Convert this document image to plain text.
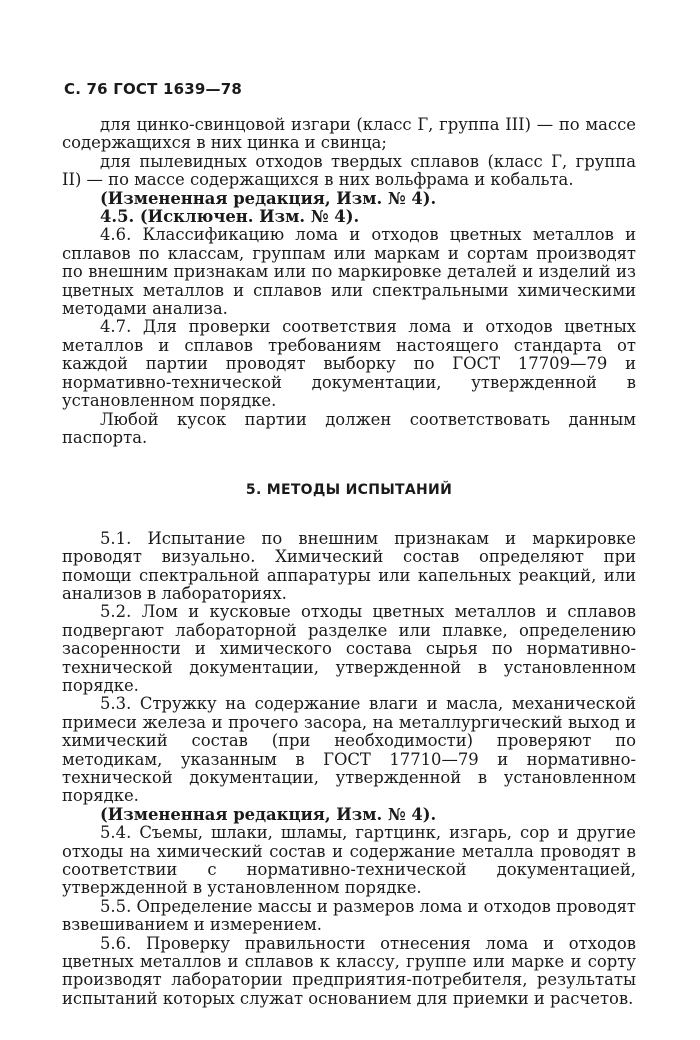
С. 76 ГОСТ 1639—78

для цинко-свинцовой изгари (класс Г, группа III) — по массе содержащихся в них цинка и свинца;

для пылевидных отходов твердых сплавов (класс Г, группа II) — по массе содержащихся в них вольфрама и кобальта.

(Измененная редакция, Изм. № 4).

4.5. (Исключен. Изм. № 4).

4.6. Классификацию лома и отходов цветных металлов и сплавов по классам, группам или маркам и сортам производят по внешним признакам или по маркировке деталей и изделий из цветных металлов и сплавов или спектральными химическими методами анализа.

4.7. Для проверки соответствия лома и отходов цветных металлов и сплавов требованиям настоящего стандарта от каждой партии проводят выборку по ГОСТ 17709—79 и нормативно-технической документации, утвержденной в установленном порядке.

Любой кусок партии должен соответствовать данным паспорта.

5. МЕТОДЫ ИСПЫТАНИЙ

5.1. Испытание по внешним признакам и маркировке проводят визуально. Химический состав определяют при помощи спектральной аппаратуры или капельных реакций, или анализов в лабораториях.

5.2. Лом и кусковые отходы цветных металлов и сплавов подвергают лабораторной разделке или плавке, определению засоренности и химического состава сырья по нормативно-технической документации, утвержденной в установленном порядке.

5.3. Стружку на содержание влаги и масла, механической примеси железа и прочего засора, на металлургический выход и химический состав (при необходимости) проверяют по методикам, указанным в ГОСТ 17710—79 и нормативно-технической документации, утвержденной в установленном порядке.

(Измененная редакция, Изм. № 4).

5.4. Съемы, шлаки, шламы, гартцинк, изгарь, сор и другие отходы на химический состав и содержание металла проводят в соответствии с нормативно-технической документацией, утвержденной в установленном порядке.

5.5. Определение массы и размеров лома и отходов проводят взвешиванием и измерением.

5.6. Проверку правильности отнесения лома и отходов цветных металлов и сплавов к классу, группе или марке и сорту производят лаборатории предприятия-потребителя, результаты испытаний которых служат основанием для приемки и расчетов.
